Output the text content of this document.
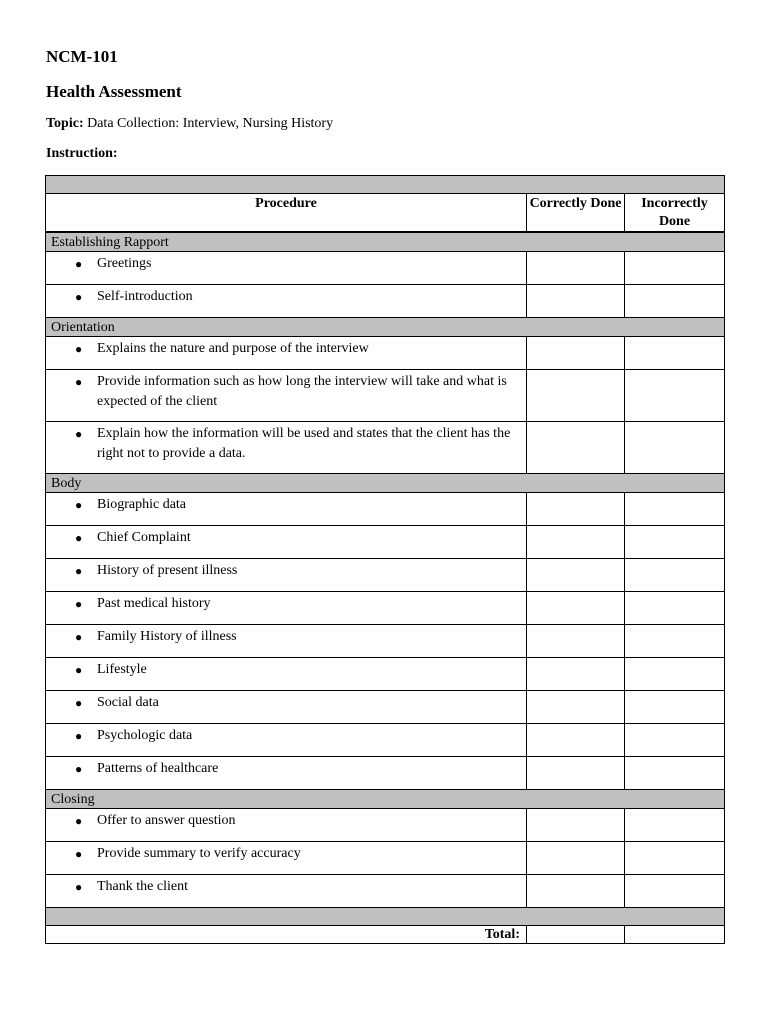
NCM-101
Health Assessment
Topic: Data Collection: Interview, Nursing History
Instruction:

Procedure	Correctly Done	Incorrectly Done
Establishing Rapport		

● Greetings		

● Self-introduction		
Orientation		

● Explains the nature and purpose of the interview		

● Provide information such as how long the interview will take and what is expected of the client		

● Explain how the information will be used and states that the client has the right not to provide a data.		
Body		

● Biographic data		

● Chief Complaint		

● History of present illness		

● Past medical history		

● Family History of illness		

● Lifestyle		

● Social data		

● Psychologic data		

● Patterns of healthcare		
Closing		

● Offer to answer question		

● Provide summary to verify accuracy		

● Thank the client		

Total:		
